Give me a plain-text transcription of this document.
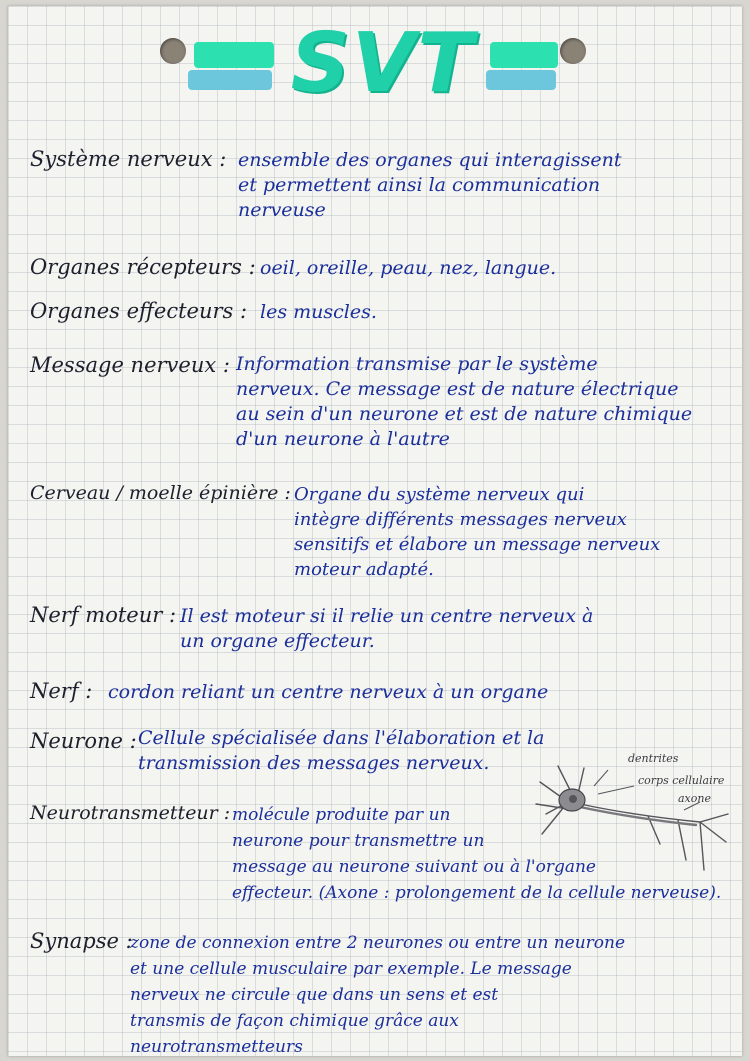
SVT
Système nerveux : ensemble des organes qui interagissent
et permettent ainsi la communication
nerveuse
Organes récepteurs : oeil, oreille, peau, nez, langue.
Organes effecteurs : les muscles.
Message nerveux : Information transmise par le système
nerveux. Ce message est de nature électrique
au sein d'un neurone et est de nature chimique
d'un neurone à l'autre
Cerveau / moelle épinière : Organe du système nerveux qui
intègre différents messages nerveux
sensitifs et élabore un message nerveux
moteur adapté.
Nerf moteur : Il est moteur si il relie un centre nerveux à
un organe effecteur.
Nerf : cordon reliant un centre nerveux à un organe
Neurone : Cellule spécialisée dans l'élaboration et la
transmission des messages nerveux.	dentrites
corps cellulaire
axone
Neurotransmetteur : molécule produite par un
neurone pour transmettre un
message au neurone suivant ou à l'organe
effecteur. (Axone : prolongement de la cellule nerveuse).
Synapse :
zone de connexion entre 2 neurones ou entre un neurone
et une cellule musculaire par exemple. Le message
nerveux ne circule que dans un sens et est
transmis de façon chimique grâce aux
neurotransmetteurs
